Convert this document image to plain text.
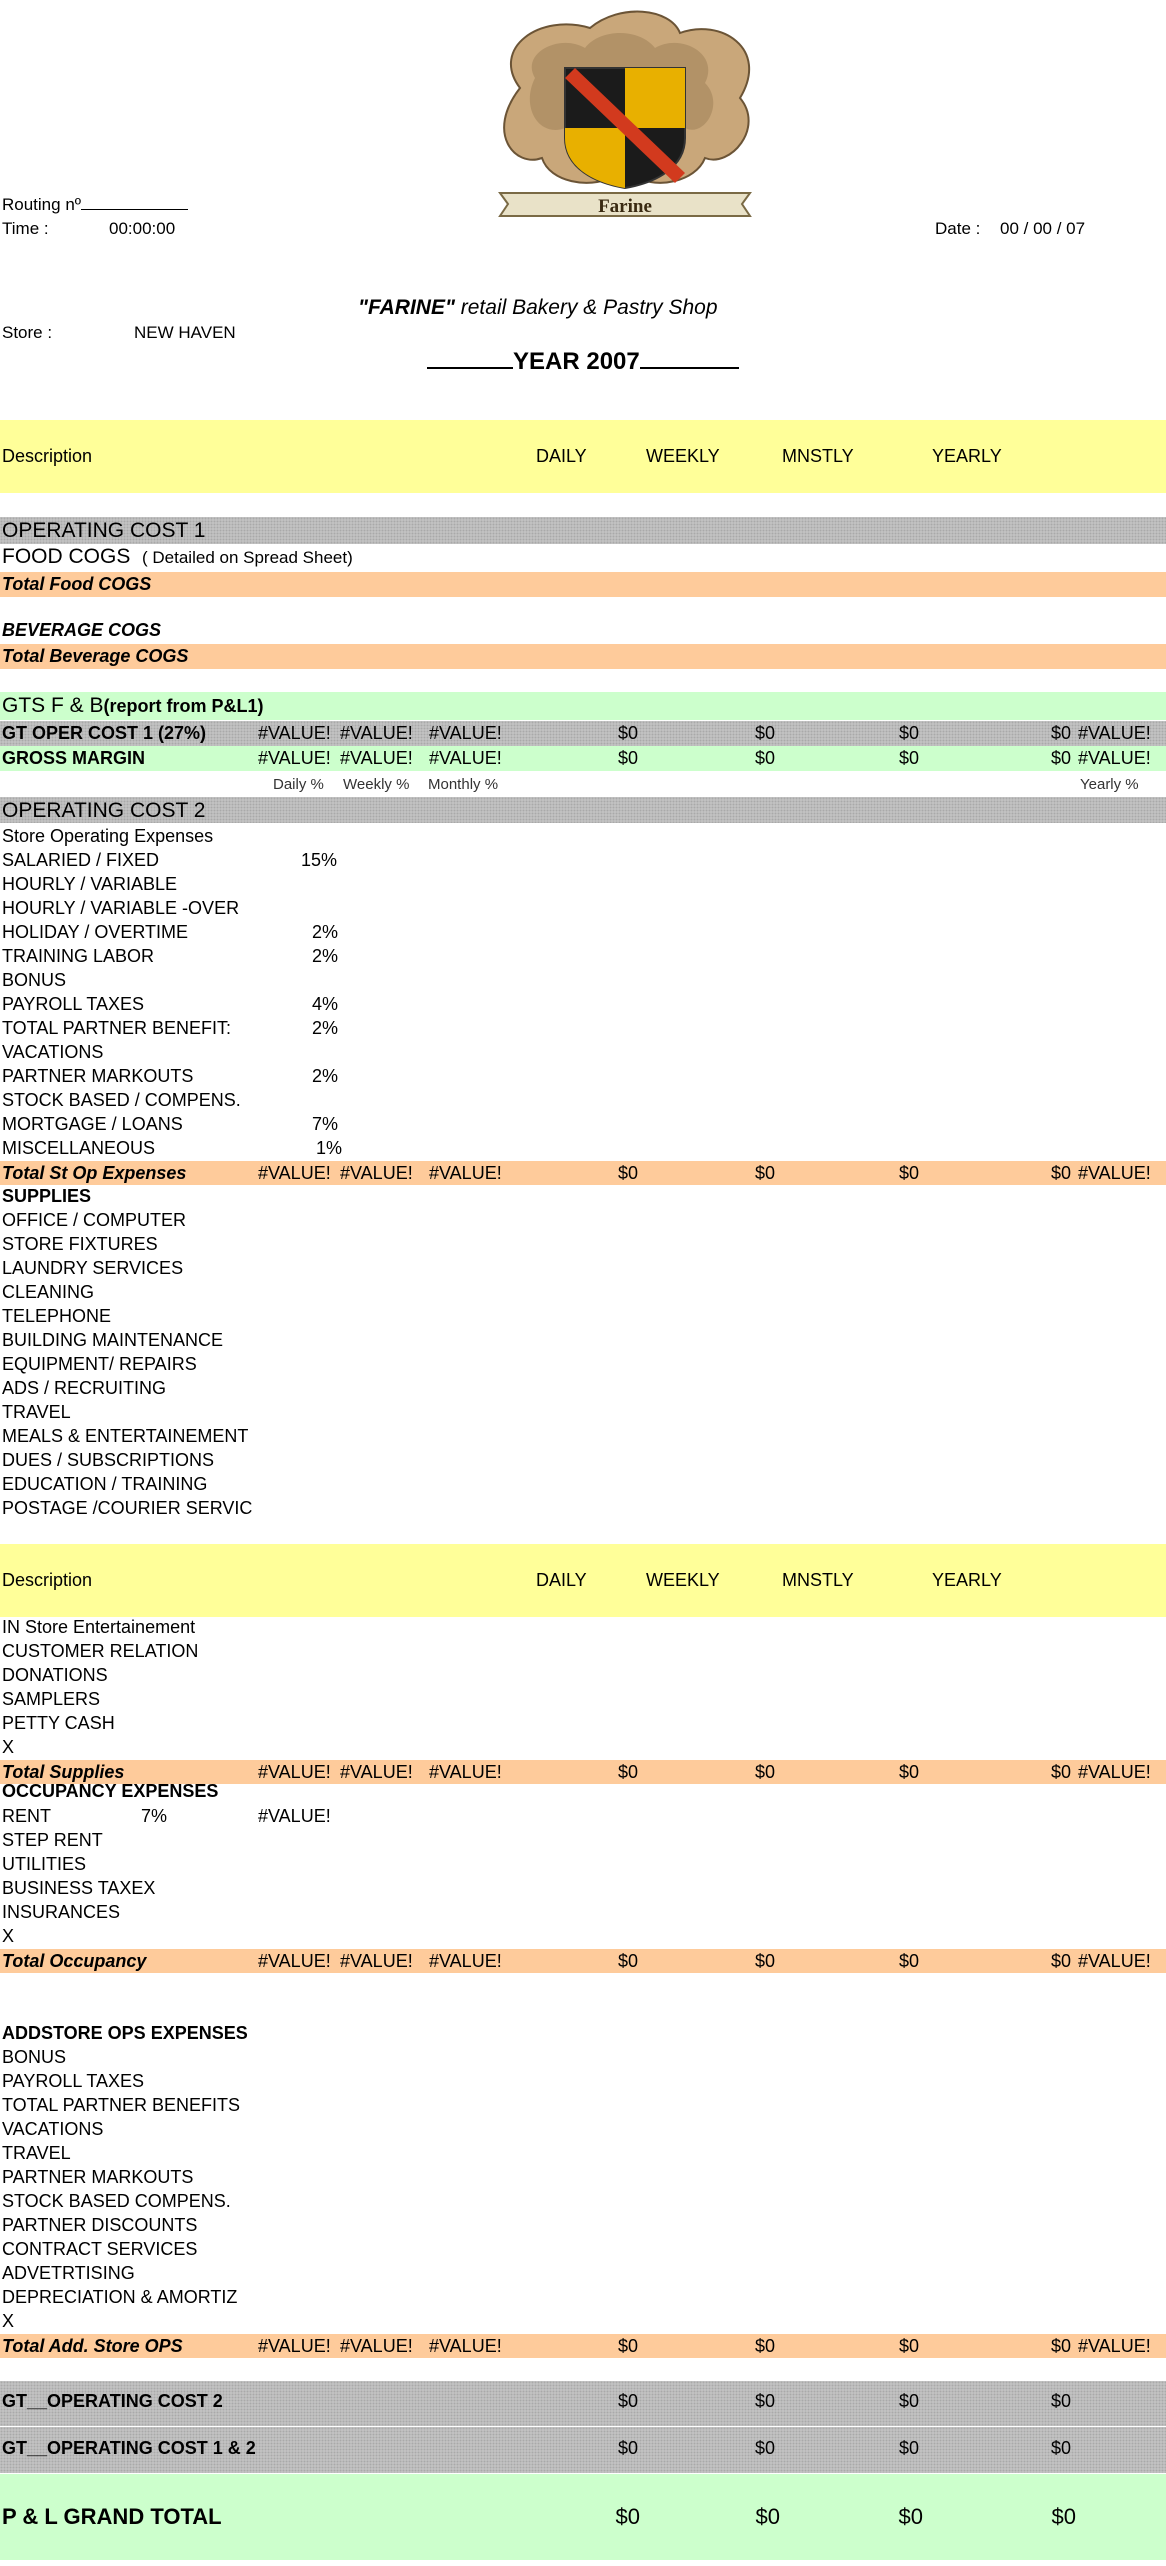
Farine
Routing nº
Time :	00:00:00	Date : 00 / 00 / 07
"FARINE" retail Bakery & Pastry Shop
Store :	NEW HAVEN
YEAR 2007
Description	DAILY	WEEKLY	MNSTLY	YEARLY
OPERATING COST 1
FOOD COGS ( Detailed on Spread Sheet)
Total Food COGS
BEVERAGE COGS
Total Beverage COGS
GTS F & B(report from P&L1)
GT OPER COST 1 (27%)	#VALUE! #VALUE! #VALUE!	$0	$0	$0	$0 #VALUE!
GROSS MARGIN	#VALUE! #VALUE! #VALUE!	$0	$0	$0	$0 #VALUE!
Daily % Weekly % Monthly %	Yearly %
OPERATING COST 2
Store Operating Expenses
SALARIED / FIXED	15%
HOURLY / VARIABLE
HOURLY / VARIABLE -OVER
HOLIDAY / OVERTIME	2%
TRAINING LABOR	2%
BONUS
PAYROLL TAXES	4%
TOTAL PARTNER BENEFIT:	2%
VACATIONS
PARTNER MARKOUTS	2%
STOCK BASED / COMPENS.
MORTGAGE / LOANS	7%
MISCELLANEOUS	1%
Total St Op Expenses	#VALUE! #VALUE! #VALUE!	$0	$0	$0	$0 #VALUE!
SUPPLIES
OFFICE / COMPUTER
STORE FIXTURES
LAUNDRY SERVICES
CLEANING
TELEPHONE
BUILDING MAINTENANCE
EQUIPMENT/ REPAIRS
ADS / RECRUITING
TRAVEL
MEALS & ENTERTAINEMENT
DUES / SUBSCRIPTIONS
EDUCATION / TRAINING
POSTAGE /COURIER SERVIC
Description	DAILY	WEEKLY	MNSTLY	YEARLY
IN Store Entertainement
CUSTOMER RELATION
DONATIONS
SAMPLERS
PETTY CASH
X
Total Supplies	#VALUE! #VALUE! #VALUE!	$0	$0	$0	$0 #VALUE!
OCCUPANCY EXPENSES
RENT	7%	#VALUE!
STEP RENT
UTILITIES
BUSINESS TAXEX
INSURANCES
X
Total Occupancy	#VALUE! #VALUE! #VALUE!	$0	$0	$0	$0 #VALUE!
ADDSTORE OPS EXPENSES
BONUS
PAYROLL TAXES
TOTAL PARTNER BENEFITS
VACATIONS
TRAVEL
PARTNER MARKOUTS
STOCK BASED COMPENS.
PARTNER DISCOUNTS
CONTRACT SERVICES
ADVETRTISING
DEPRECIATION & AMORTIZ
X
Total Add. Store OPS	#VALUE! #VALUE! #VALUE!	$0	$0	$0	$0 #VALUE!
GT__OPERATING COST 2	$0	$0	$0	$0
GT__OPERATING COST 1 & 2	$0	$0	$0	$0
P & L GRAND TOTAL	$0	$0	$0	$0
